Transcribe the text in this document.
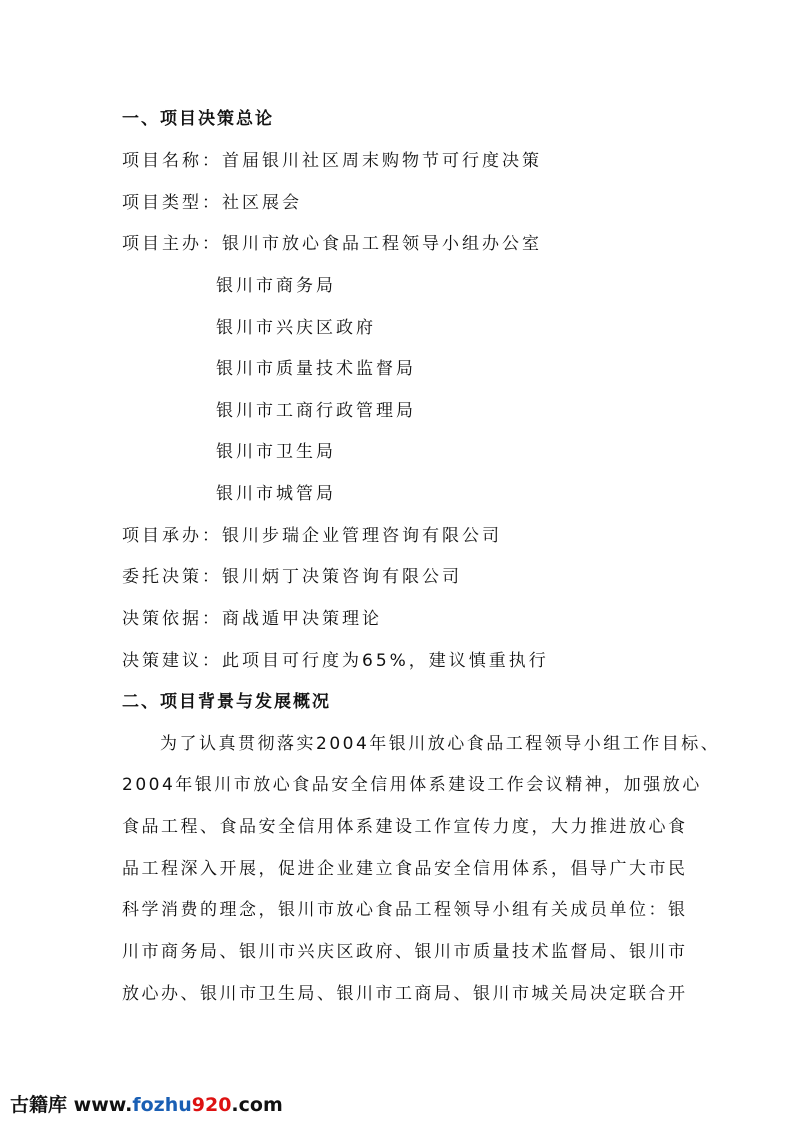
一、项目决策总论
项目名称：首届银川社区周末购物节可行度决策
项目类型：社区展会
项目主办：银川市放心食品工程领导小组办公室
银川市商务局
银川市兴庆区政府
银川市质量技术监督局
银川市工商行政管理局
银川市卫生局
银川市城管局
项目承办：银川步瑞企业管理咨询有限公司
委托决策：银川炳丁决策咨询有限公司
决策依据：商战遁甲决策理论
决策建议：此项目可行度为65%，建议慎重执行
二、项目背景与发展概况
为了认真贯彻落实2004年银川放心食品工程领导小组工作目标、
2004年银川市放心食品安全信用体系建设工作会议精神，加强放心
食品工程、食品安全信用体系建设工作宣传力度，大力推进放心食
品工程深入开展，促进企业建立食品安全信用体系，倡导广大市民
科学消费的理念，银川市放心食品工程领导小组有关成员单位：银
川市商务局、银川市兴庆区政府、银川市质量技术监督局、银川市
放心办、银川市卫生局、银川市工商局、银川市城关局决定联合开
古籍库 www.fozhu920.com
